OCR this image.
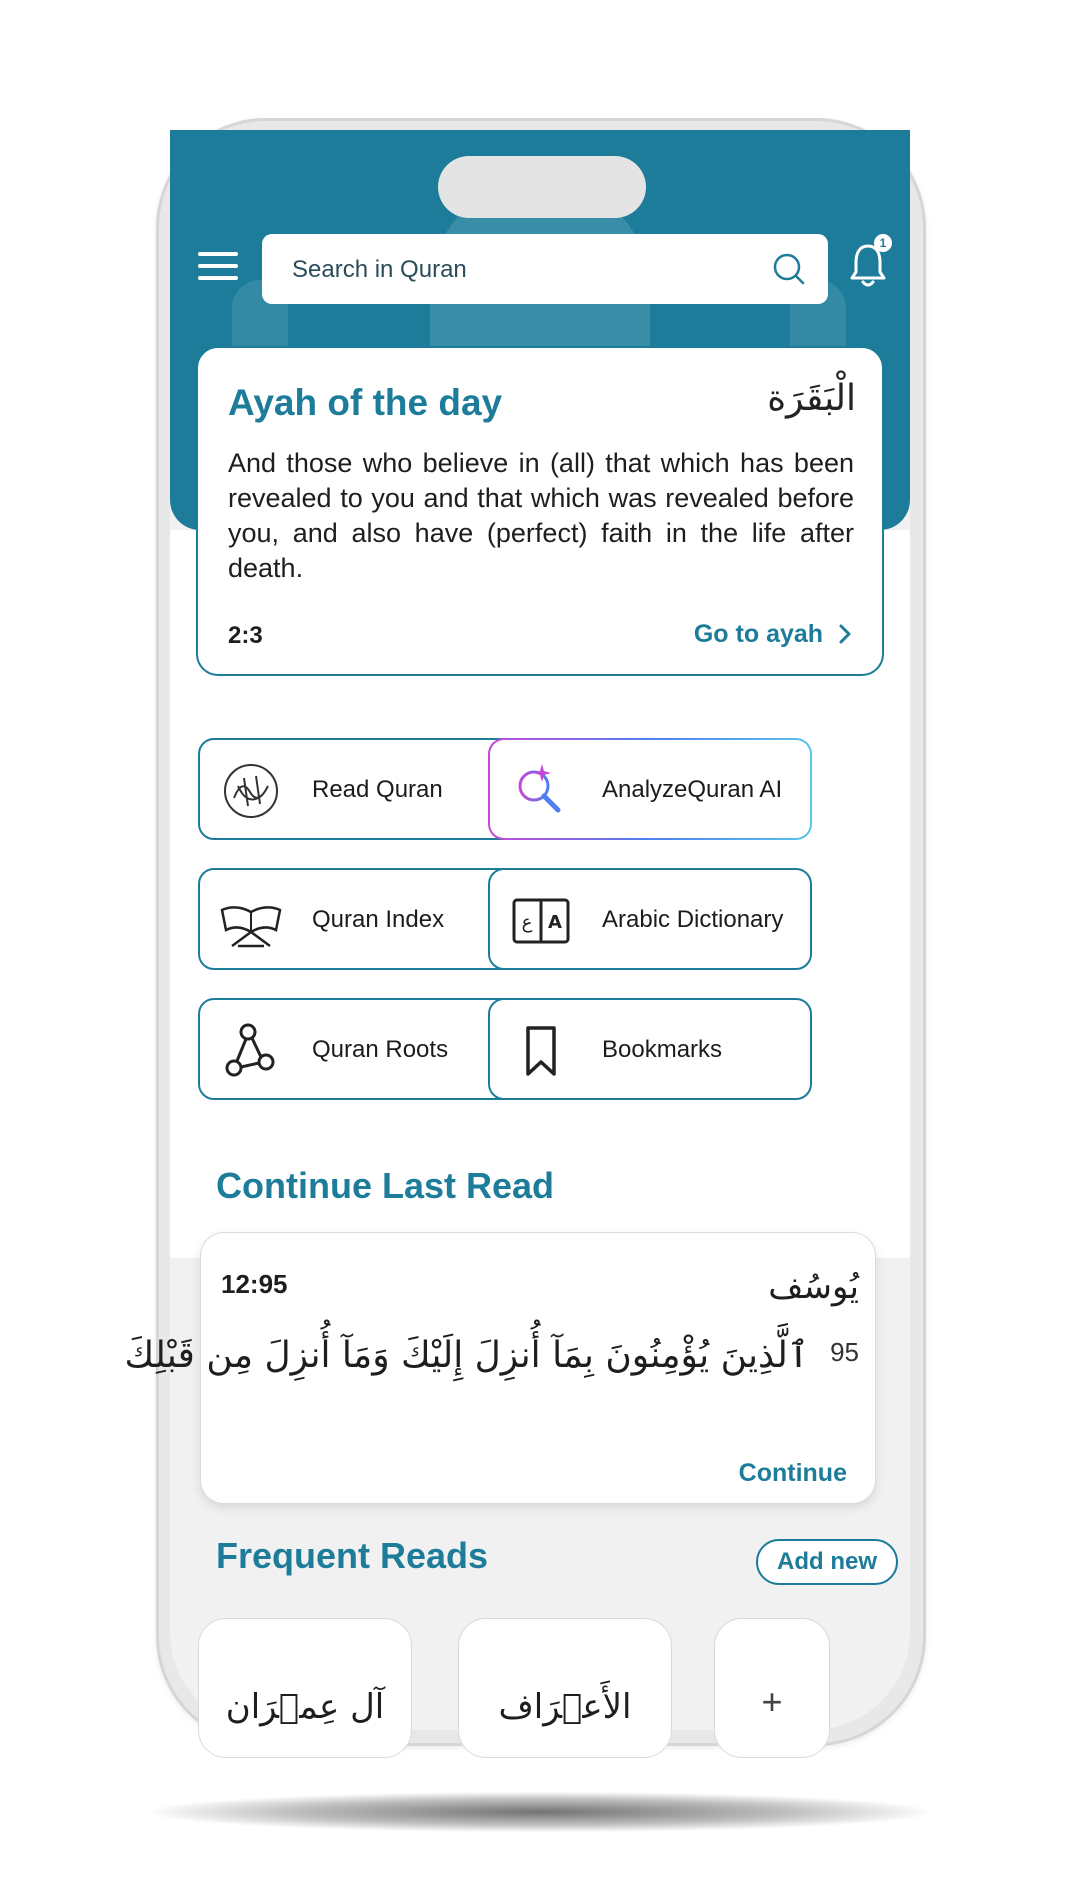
Search in Quran
1
Read Quran	AnalyzeQuran AI
Quran Index	ع A Arabic Dictionary
Quran Roots	Bookmarks
Ayah of the day	الْبَقَرَة
And those who believe in (all) that which has been revealed to you and that which was revealed before you, and also have (perfect) faith in the life after death.
2:3	Go to ayah
Continue Last Read
12:95	يُوسُف
95
ٱلَّذِينَ يُؤْمِنُونَ بِمَآ أُنزِلَ إِلَيْكَ وَمَآ أُنزِلَ مِن قَبْلِكَ
Continue
Frequent Reads	Add new
آل عِمۡرَان	الأَعۡرَاف	+
